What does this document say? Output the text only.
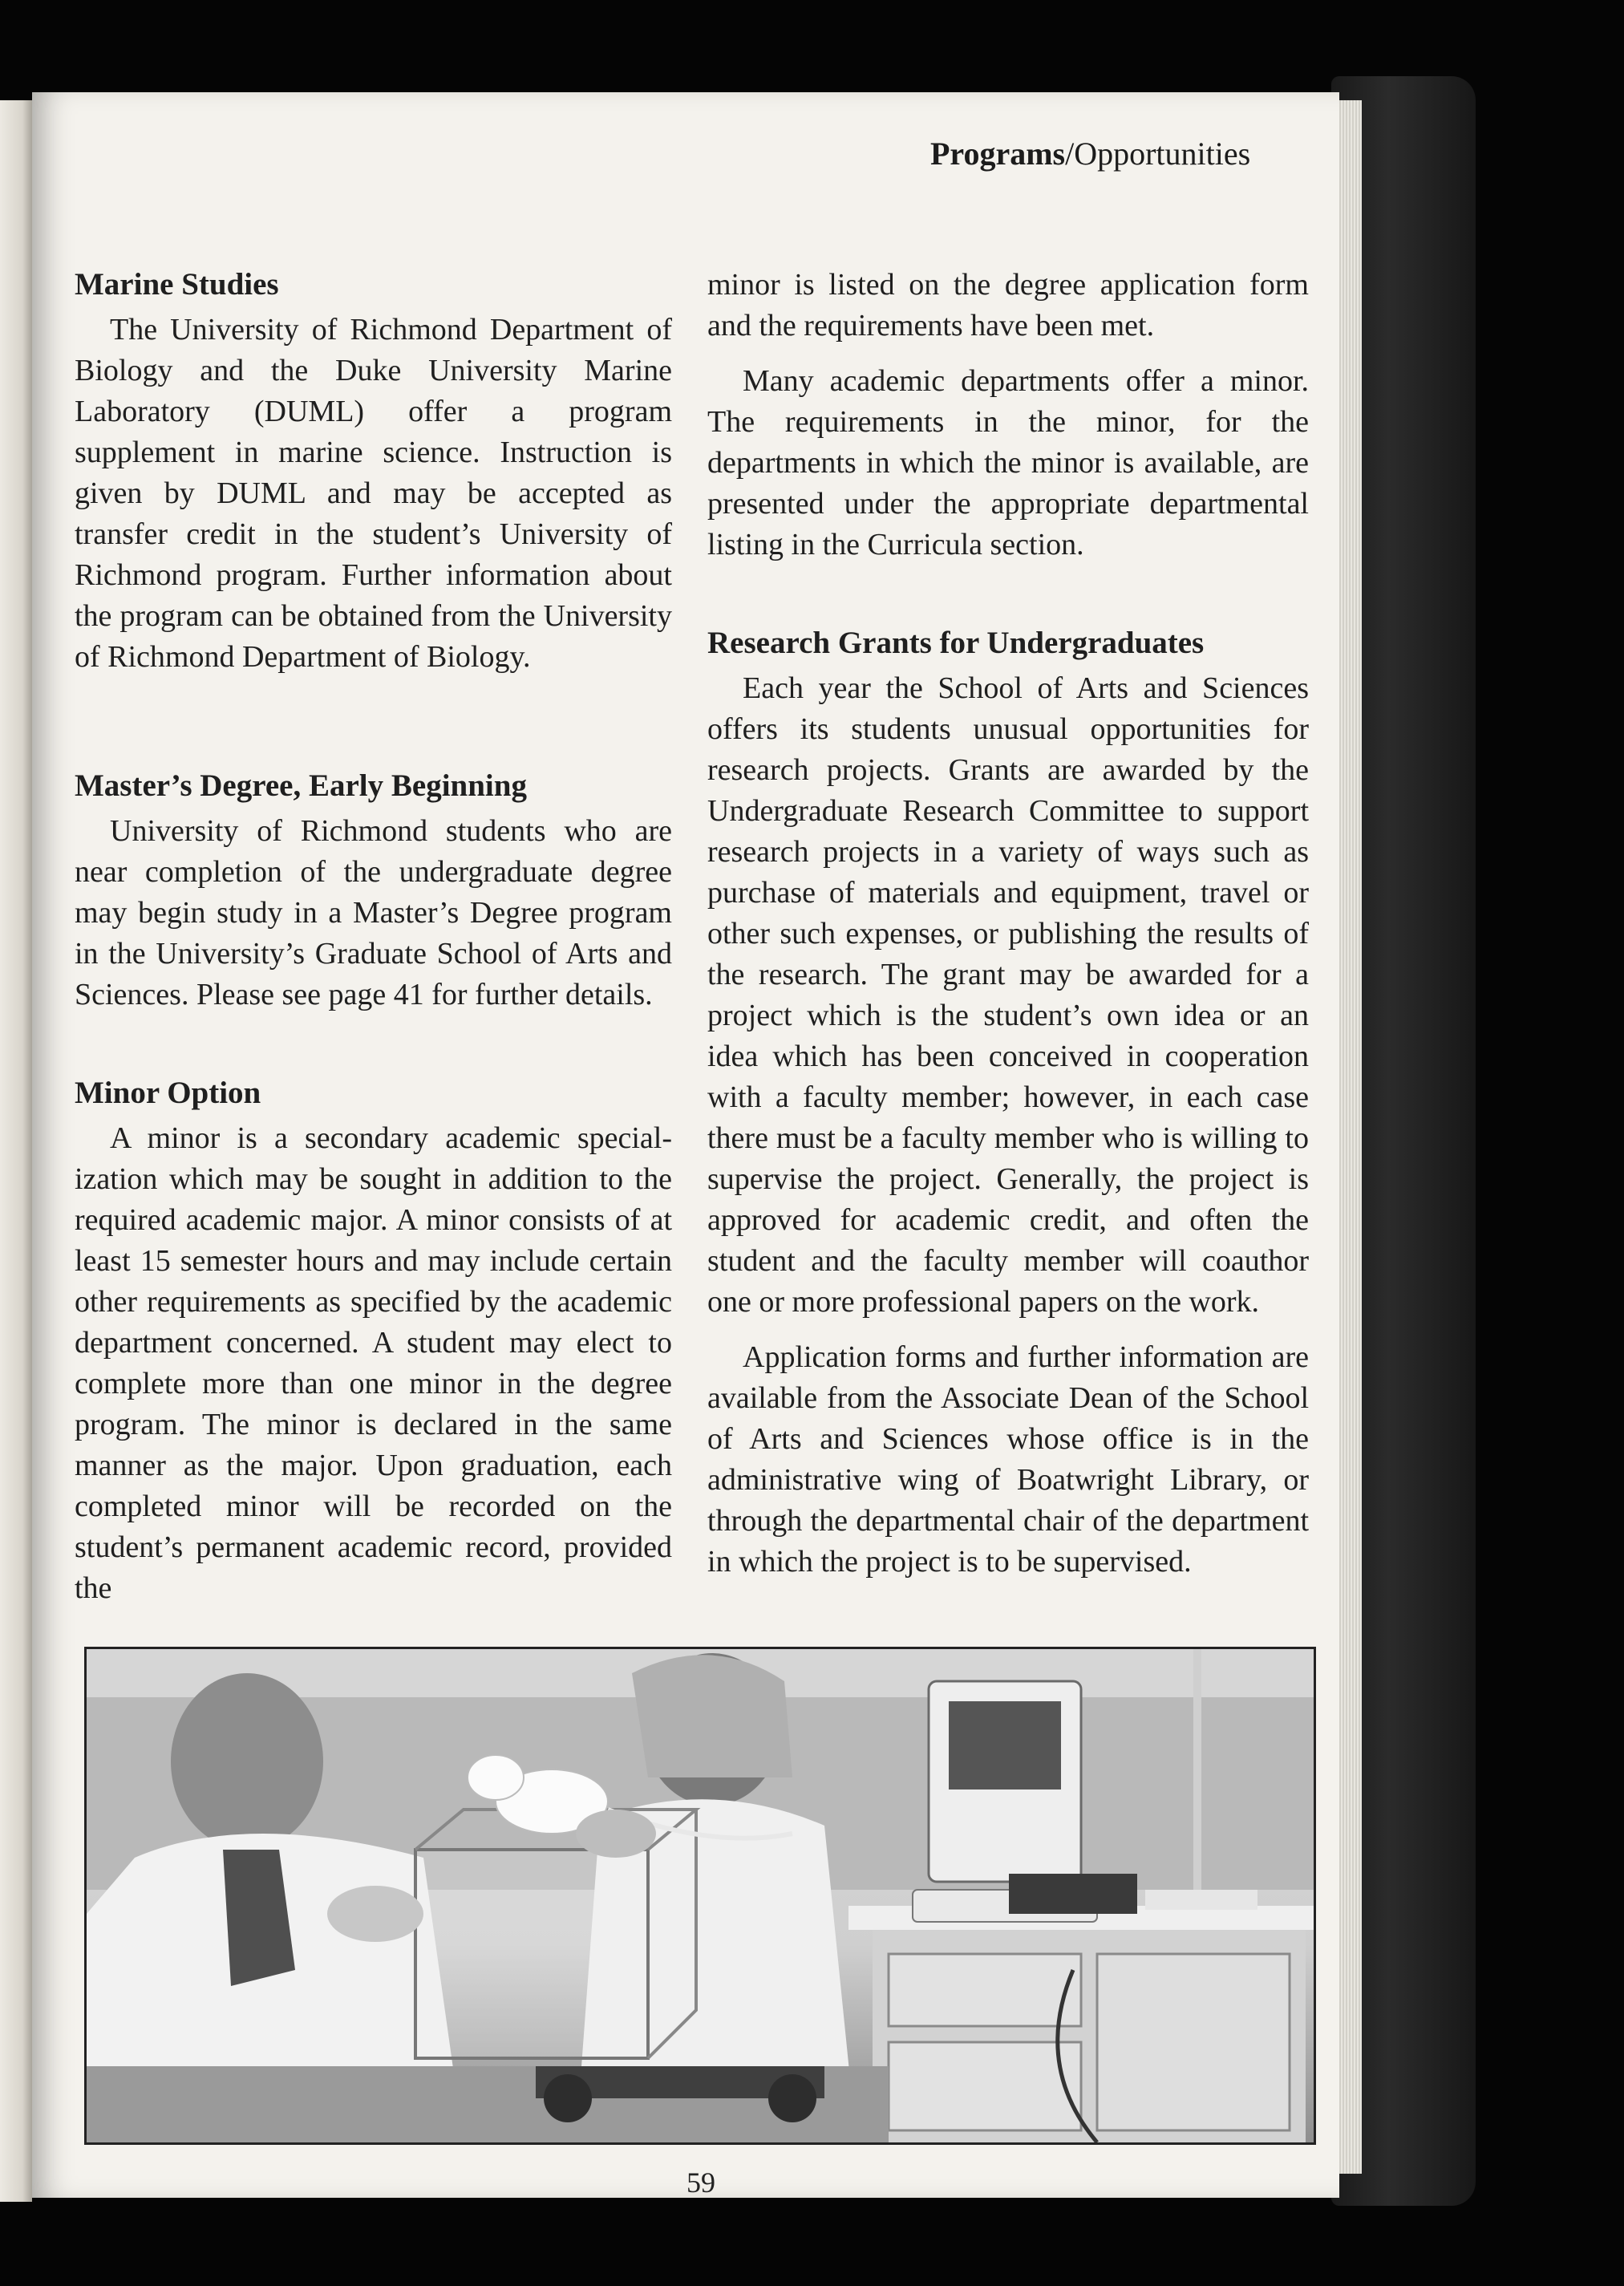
Programs/Opportunities
Marine Studies

The University of Richmond Department of Biology and the Duke University Marine Laboratory (DUML) offer a program supplement in marine science. Instruction is given by DUML and may be accepted as transfer credit in the student’s University of Richmond program. Further information about the program can be obtained from the University of Richmond Department of Biology.

Master’s Degree, Early Beginning

University of Richmond students who are near completion of the undergraduate degree may begin study in a Master’s Degree program in the University’s Graduate School of Arts and Sciences. Please see page 41 for further details.

Minor Option

A minor is a secondary academic specialization which may be sought in addition to the required academic major. A minor consists of at least 15 semester hours and may include certain other requirements as specified by the academic department concerned. A student may elect to complete more than one minor in the degree program. The minor is declared in the same manner as the major. Upon graduation, each completed minor will be recorded on the student’s permanent academic record, provided the

minor is listed on the degree application form and the requirements have been met.

Many academic departments offer a minor. The requirements in the minor, for the departments in which the minor is available, are presented under the appropriate departmental listing in the Curricula section.

Research Grants for Undergraduates

Each year the School of Arts and Sciences offers its students unusual opportunities for research projects. Grants are awarded by the Undergraduate Research Committee to support research projects in a variety of ways such as purchase of materials and equipment, travel or other such expenses, or publishing the results of the research. The grant may be awarded for a project which is the student’s own idea or an idea which has been conceived in cooperation with a faculty member; however, in each case there must be a faculty member who is willing to supervise the project. Generally, the project is approved for academic credit, and often the student and the faculty member will coauthor one or more professional papers on the work.

Application forms and further information are available from the Associate Dean of the School of Arts and Sciences whose office is in the administrative wing of Boatwright Library, or through the departmental chair of the department in which the project is to be supervised.

59
